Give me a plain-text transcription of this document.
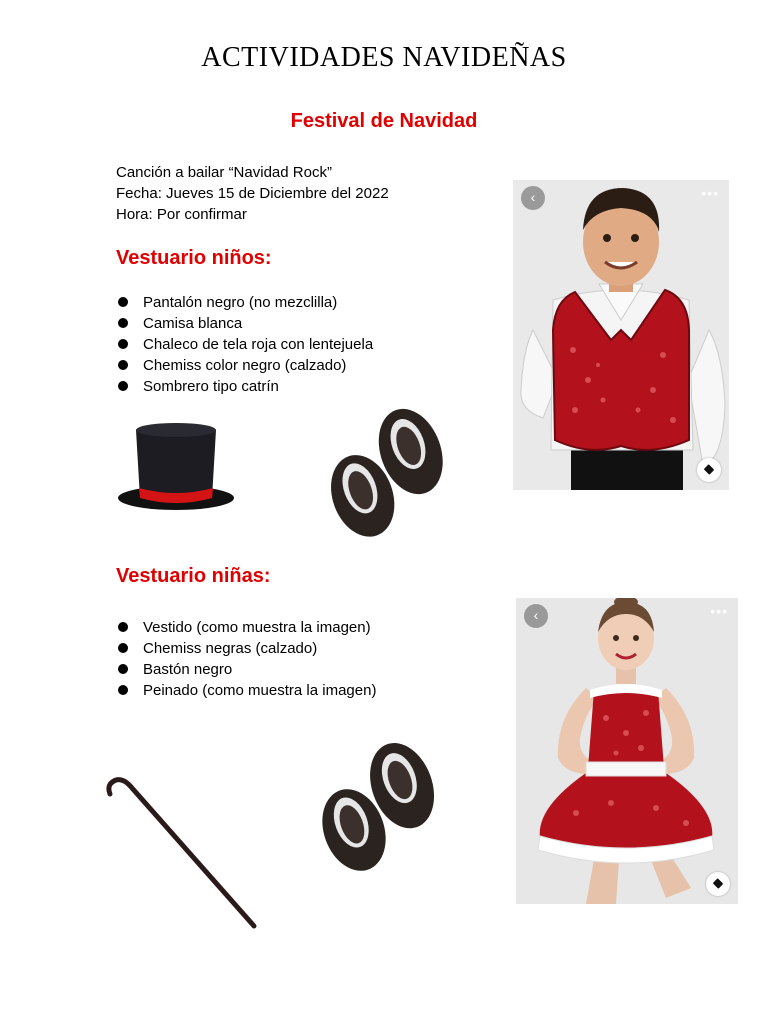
ACTIVIDADES NAVIDEÑAS
Festival de Navidad
Canción a bailar “Navidad Rock”
Fecha: Jueves 15 de Diciembre del 2022
Hora: Por confirmar
Vestuario niños:
Pantalón negro (no mezclilla)
Camisa blanca
Chaleco de tela roja con lentejuela
Chemiss color negro (calzado)
Sombrero tipo catrín
‹	•••
Vestuario niñas:
Vestido (como muestra la imagen)
Chemiss negras (calzado)
Bastón negro
Peinado (como muestra la imagen)
‹	•••
